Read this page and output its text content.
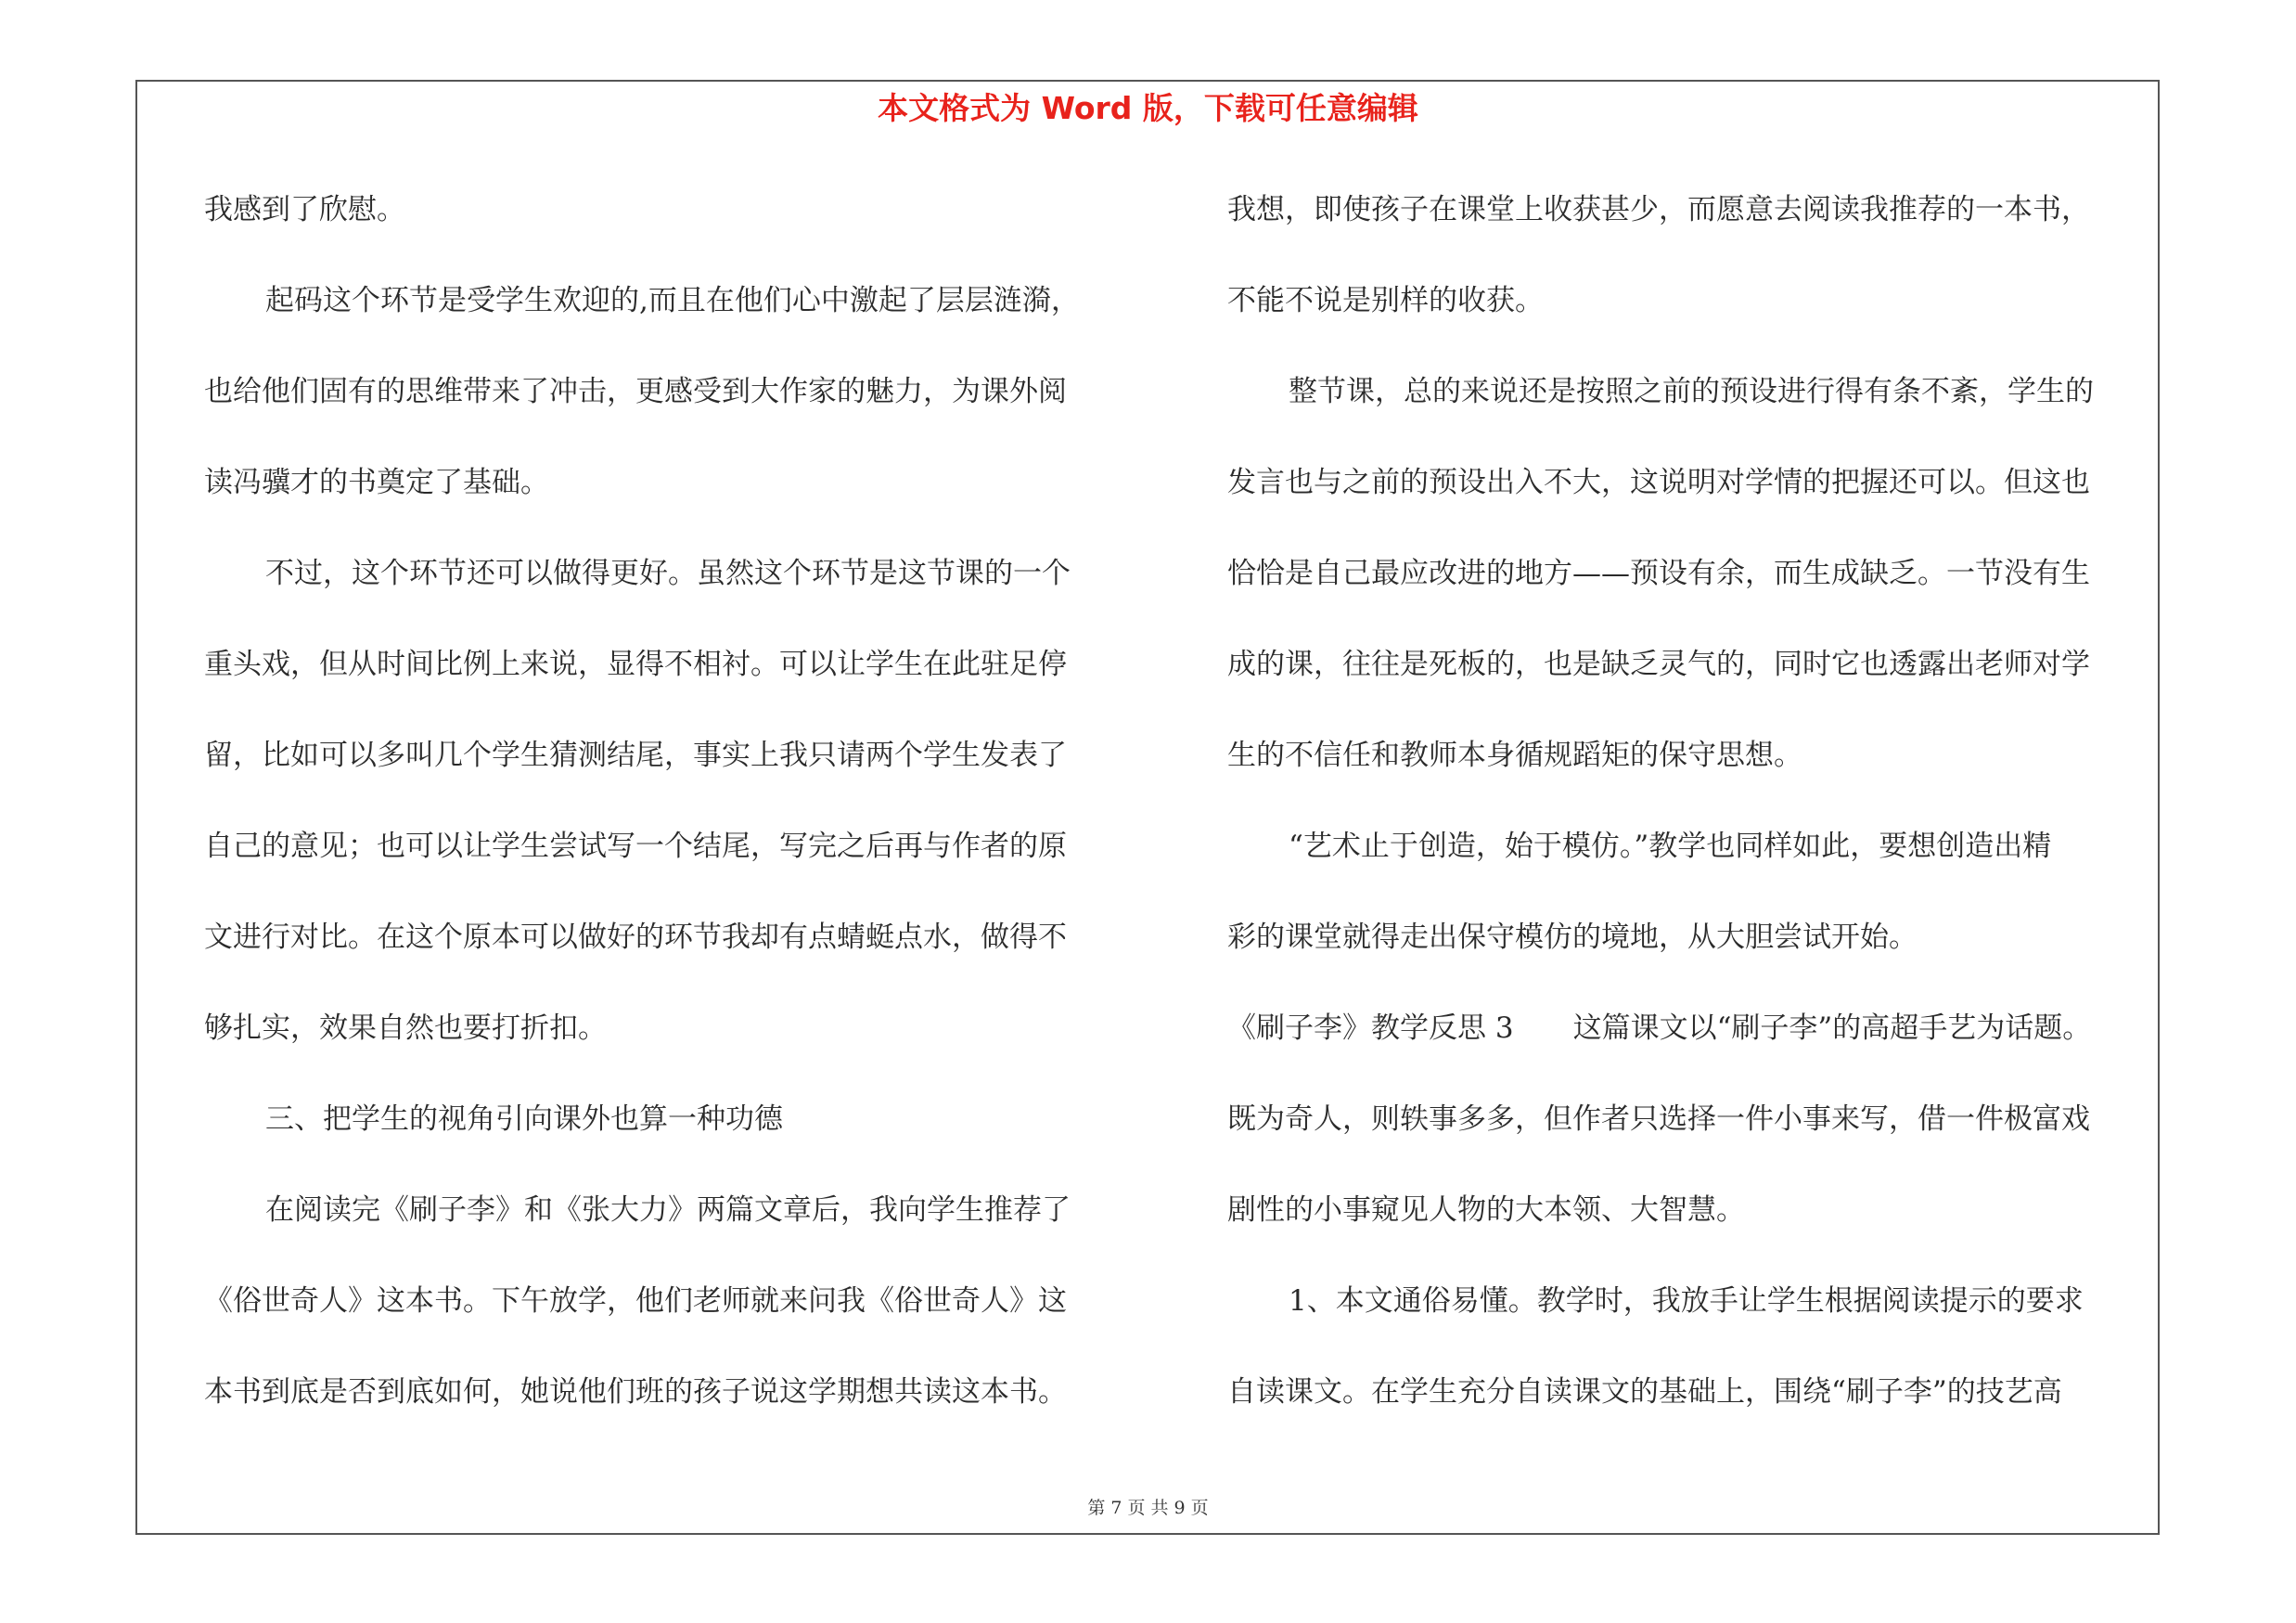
本文格式为 Word 版，下载可任意编辑
我感到了欣慰。
起码这个环节是受学生欢迎的,而且在他们心中激起了层层涟漪，
也给他们固有的思维带来了冲击，更感受到大作家的魅力，为课外阅
读冯骥才的书奠定了基础。
不过，这个环节还可以做得更好。虽然这个环节是这节课的一个
重头戏，但从时间比例上来说，显得不相衬。可以让学生在此驻足停
留，比如可以多叫几个学生猜测结尾，事实上我只请两个学生发表了
自己的意见；也可以让学生尝试写一个结尾，写完之后再与作者的原
文进行对比。在这个原本可以做好的环节我却有点蜻蜓点水，做得不
够扎实，效果自然也要打折扣。
三、把学生的视角引向课外也算一种功德
在阅读完《刷子李》和《张大力》两篇文章后，我向学生推荐了
《俗世奇人》这本书。下午放学，他们老师就来问我《俗世奇人》这
本书到底是否到底如何，她说他们班的孩子说这学期想共读这本书。
我想，即使孩子在课堂上收获甚少，而愿意去阅读我推荐的一本书，
不能不说是别样的收获。
整节课，总的来说还是按照之前的预设进行得有条不紊，学生的
发言也与之前的预设出入不大，这说明对学情的把握还可以。但这也
恰恰是自己最应改进的地方——预设有余，而生成缺乏。一节没有生
成的课，往往是死板的，也是缺乏灵气的，同时它也透露出老师对学
生的不信任和教师本身循规蹈矩的保守思想。
“艺术止于创造，始于模仿。”教学也同样如此，要想创造出精
彩的课堂就得走出保守模仿的境地，从大胆尝试开始。
《刷子李》教学反思 3 这篇课文以“刷子李”的高超手艺为话题。
既为奇人，则轶事多多，但作者只选择一件小事来写，借一件极富戏
剧性的小事窥见人物的大本领、大智慧。
1、本文通俗易懂。教学时，我放手让学生根据阅读提示的要求
自读课文。在学生充分自读课文的基础上，围绕“刷子李”的技艺高
第 7 页 共 9 页
